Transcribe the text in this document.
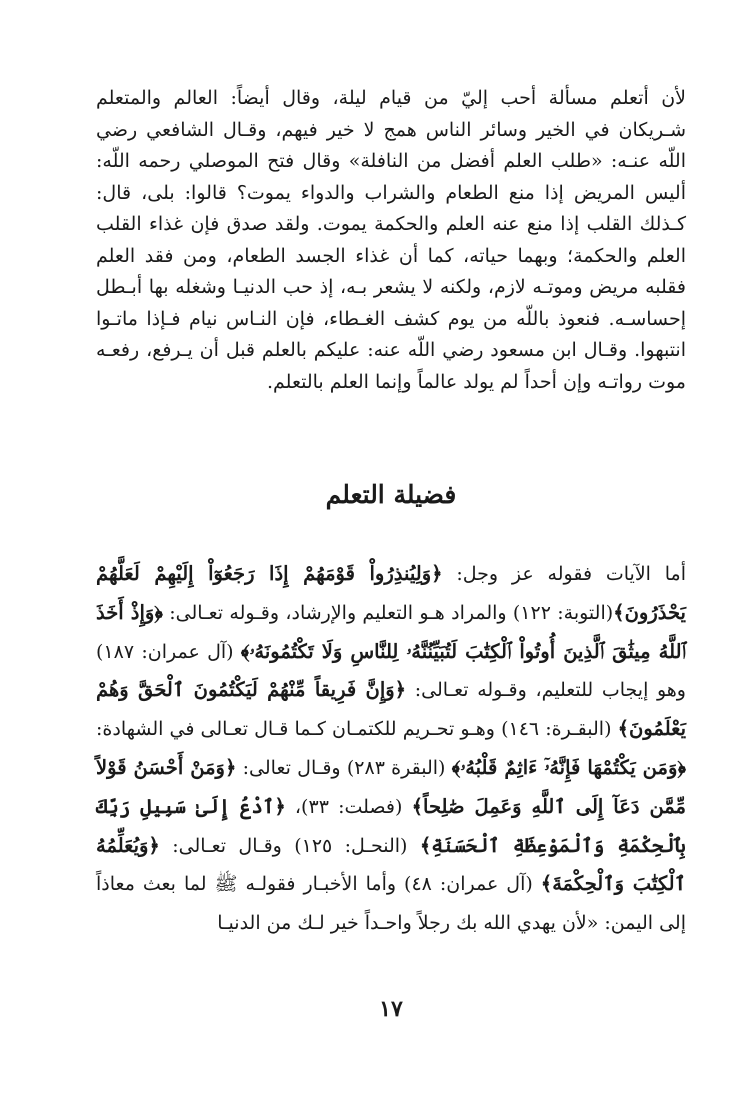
لأن أتعلم مسألة أحب إليّ من قيام ليلة، وقال أيضاً: العالم والمتعلم شـريكان في الخير وسائر الناس همج لا خير فيهم، وقـال الشافعي رضي اللّه عنـه: «طلب العلم أفضل من النافلة» وقال فتح الموصلي رحمه اللّه: أليس المريض إذا منع الطعام والشراب والدواء يموت؟ قالوا: بلى، قال: كـذلك القلب إذا منع عنه العلم والحكمة يموت. ولقد صدق فإن غذاء القلب العلم والحكمة؛ وبهما حياته، كما أن غذاء الجسد الطعام، ومن فقد العلم فقلبه مريض وموتـه لازم، ولكنه لا يشعر بـه، إذ حب الدنيـا وشغله بها أبـطل إحساسـه. فنعوذ باللّه من يوم كشف الغـطاء، فإن النـاس نيام فـإذا ماتـوا انتبهوا. وقـال ابن مسعود رضي اللّه عنه: عليكم بالعلم قبل أن يـرفع، رفعـه موت رواتـه وإن أحداً لم يولد عالماً وإنما العلم بالتعلم.

فضيلة التعلم

أما الآيات فقوله عز وجل: ﴿وَلِيُنذِرُواْ قَوْمَهُمْ إِذَا رَجَعُوٓاْ إِلَيْهِمْ لَعَلَّهُمْ يَحْذَرُونَ﴾(التوبة: ١٢٢) والمراد هـو التعليم والإرشاد، وقـوله تعـالى: ﴿وَإِذْ أَخَذَ ٱللَّهُ مِيثَٰقَ ٱلَّذِينَ أُوتُواْ ٱلْكِتَٰبَ لَتُبَيِّنُنَّهُۥ لِلنَّاسِ وَلَا تَكْتُمُونَهُۥ﴾ (آل عمران: ١٨٧) وهو إيجاب للتعليم، وقـوله تعـالى: ﴿وَإِنَّ فَرِيقاً مِّنْهُمْ لَيَكْتُمُونَ ٱلْحَقَّ وَهُمْ يَعْلَمُونَ﴾ (البقـرة: ١٤٦) وهـو تحـريم للكتمـان كـما قـال تعـالى في الشهادة: ﴿وَمَن يَكْتُمْهَا فَإِنَّهُۥٓ ءَاثِمٌ قَلْبُهُۥ﴾ (البقرة ٢٨٣) وقـال تعالى: ﴿وَمَنْ أَحْسَنُ قَوْلاً مِّمَّن دَعَآ إِلَى ٱللَّهِ وَعَمِلَ صَٰلِحاً﴾ (فصلت: ٣٣)، ﴿ٱدْعُ إِلَىٰ سَبِيلِ رَبِّكَ بِٱلْحِكْمَةِ وَٱلْمَوْعِظَةِ ٱلْحَسَنَةِ﴾ (النحـل: ١٢٥) وقـال تعـالى: ﴿وَيُعَلِّمُهُ ٱلْكِتَٰبَ وَٱلْحِكْمَةَ﴾ (آل عمران: ٤٨) وأما الأخبـار فقولـه ﷺ لما بعث معاذاً إلى اليمن: «لأن يهدي الله بك رجلاً واحـداً خير لـك من الدنيـا

١٧
